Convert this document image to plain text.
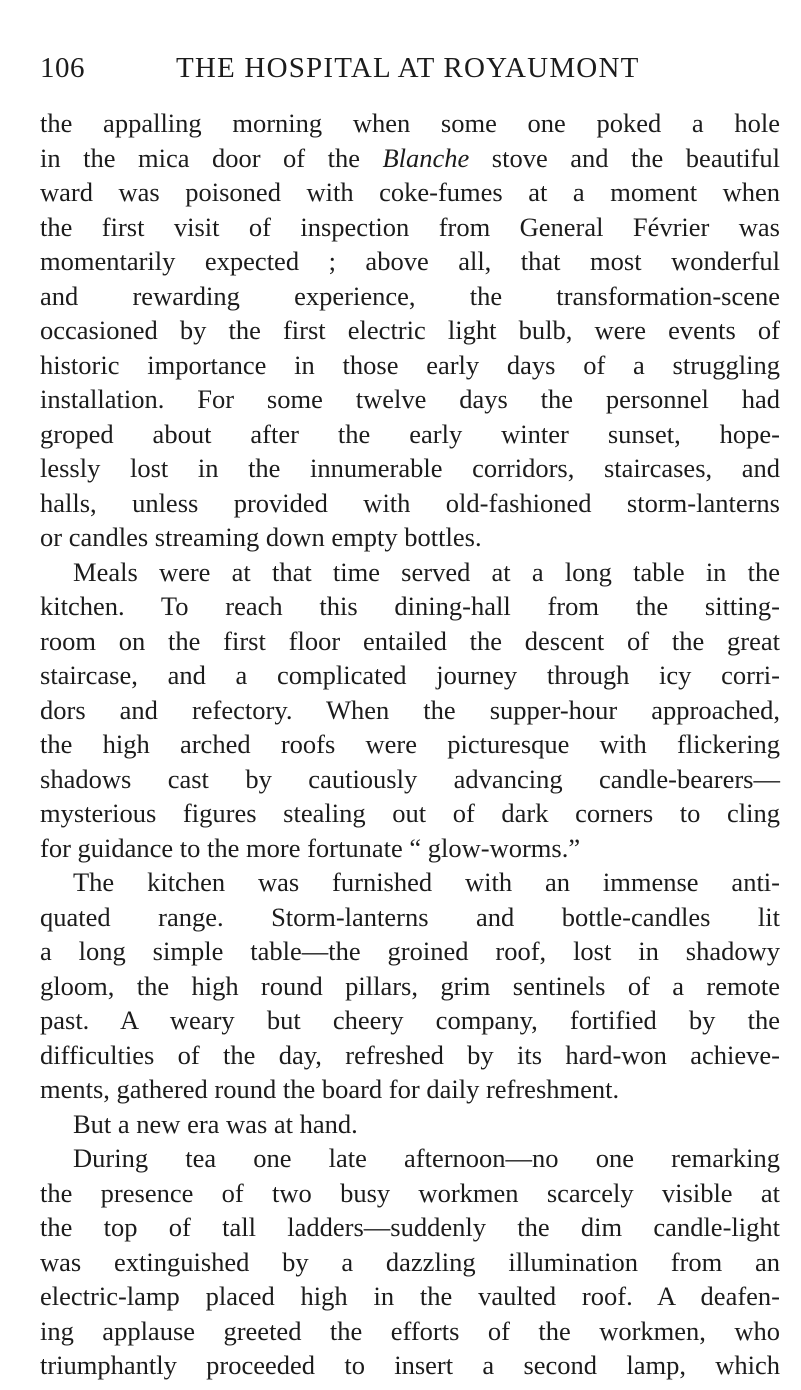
106	THE HOSPITAL AT ROYAUMONT
the appalling morning when some one poked a hole
in the mica door of the Blanche stove and the beautiful
ward was poisoned with coke-fumes at a moment when
the first visit of inspection from General Février was
momentarily expected ; above all, that most wonderful
and rewarding experience, the transformation-scene
occasioned by the first electric light bulb, were events of
historic importance in those early days of a struggling
installation. For some twelve days the personnel had
groped about after the early winter sunset, hope-
lessly lost in the innumerable corridors, staircases, and
halls, unless provided with old-fashioned storm-lanterns
or candles streaming down empty bottles.
Meals were at that time served at a long table in the
kitchen. To reach this dining-hall from the sitting-
room on the first floor entailed the descent of the great
staircase, and a complicated journey through icy corri-
dors and refectory. When the supper-hour approached,
the high arched roofs were picturesque with flickering
shadows cast by cautiously advancing candle-bearers—
mysterious figures stealing out of dark corners to cling
for guidance to the more fortunate “ glow-worms.”
The kitchen was furnished with an immense anti-
quated range. Storm-lanterns and bottle-candles lit
a long simple table—the groined roof, lost in shadowy
gloom, the high round pillars, grim sentinels of a remote
past. A weary but cheery company, fortified by the
difficulties of the day, refreshed by its hard-won achieve-
ments, gathered round the board for daily refreshment.
But a new era was at hand.
During tea one late afternoon—no one remarking
the presence of two busy workmen scarcely visible at
the top of tall ladders—suddenly the dim candle-light
was extinguished by a dazzling illumination from an
electric-lamp placed high in the vaulted roof. A deafen-
ing applause greeted the efforts of the workmen, who
triumphantly proceeded to insert a second lamp, which
